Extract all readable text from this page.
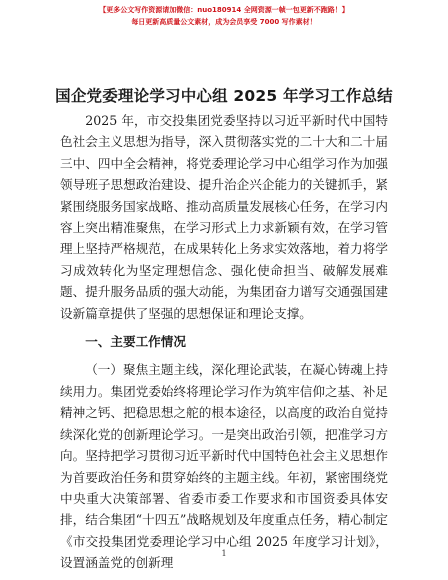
【更多公文写作资源请加微信：nuo180914 全网资源一帧一包更新不跑路！】
每日更新高质量公文素材，成为会员享受 7000 写作素材！
国企党委理论学习中心组 2025 年学习工作总结

2025 年，市交投集团党委坚持以习近平新时代中国特色社会主义思想为指导，深入贯彻落实党的二十大和二十届三中、四中全会精神，将党委理论学习中心组学习作为加强领导班子思想政治建设、提升治企兴企能力的关键抓手，紧紧围绕服务国家战略、推动高质量发展核心任务，在学习内容上突出精准聚焦，在学习形式上力求新颖有效，在学习管理上坚持严格规范，在成果转化上务求实效落地，着力将学习成效转化为坚定理想信念、强化使命担当、破解发展难题、提升服务品质的强大动能，为集团奋力谱写交通强国建设新篇章提供了坚强的思想保证和理论支撑。

一、主要工作情况

（一）聚焦主题主线，深化理论武装，在凝心铸魂上持续用力。集团党委始终将理论学习作为筑牢信仰之基、补足精神之钙、把稳思想之舵的根本途径，以高度的政治自觉持续深化党的创新理论学习。一是突出政治引领，把准学习方向。坚持把学习贯彻习近平新时代中国特色社会主义思想作为首要政治任务和贯穿始终的主题主线。年初，紧密围绕党中央重大决策部署、省委市委工作要求和市国资委具体安排，结合集团“十四五”战略规划及年度重点任务，精心制定《市交投集团党委理论学习中心组 2025 年度学习计划》，设置涵盖党的创新理

1
